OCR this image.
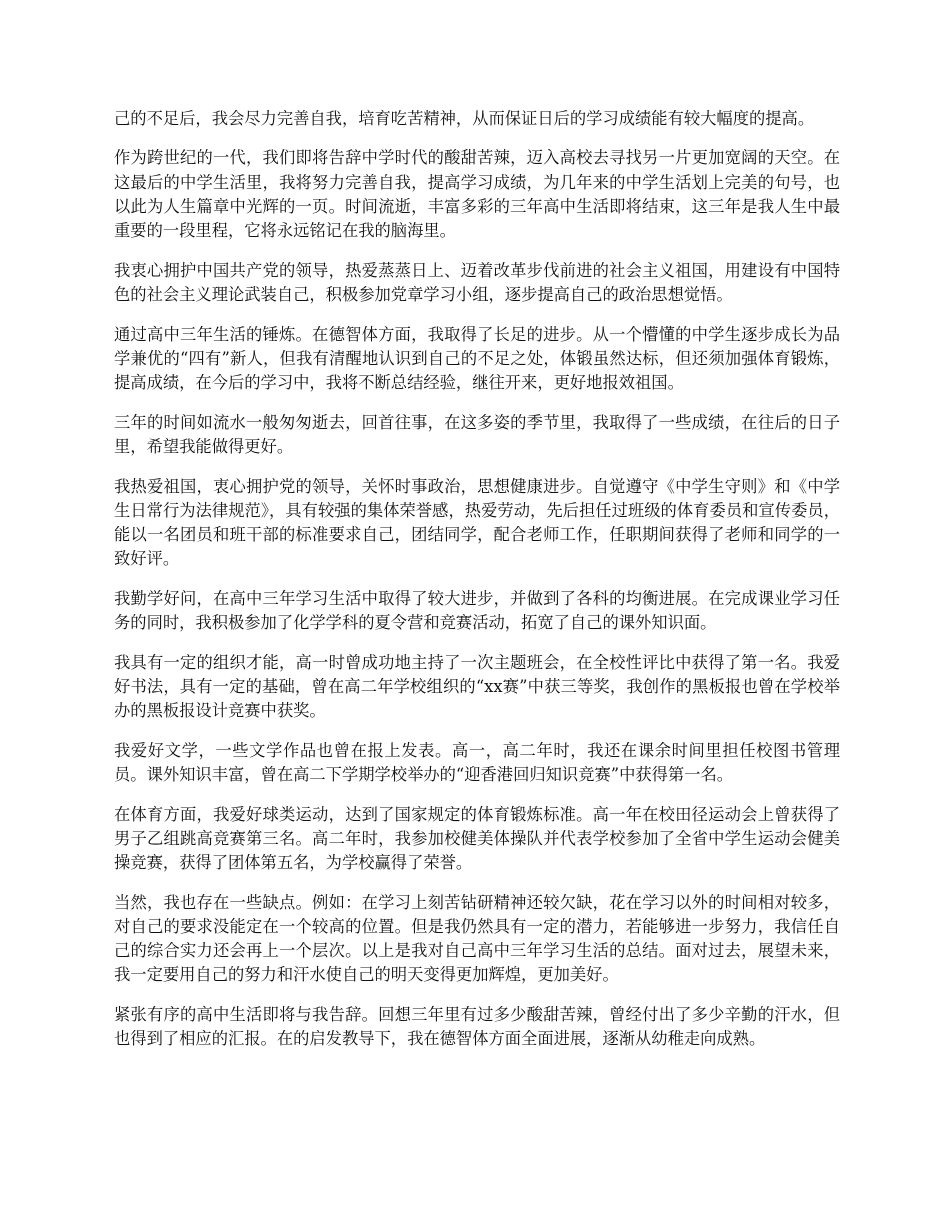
己的不足后，我会尽力完善自我，培育吃苦精神，从而保证日后的学习成绩能有较大幅度的提高。

作为跨世纪的一代，我们即将告辞中学时代的酸甜苦辣，迈入高校去寻找另一片更加宽阔的天空。在这最后的中学生活里，我将努力完善自我，提高学习成绩，为几年来的中学生活划上完美的句号，也以此为人生篇章中光辉的一页。时间流逝，丰富多彩的三年高中生活即将结束，这三年是我人生中最重要的一段里程，它将永远铭记在我的脑海里。

我衷心拥护中国共产党的领导，热爱蒸蒸日上、迈着改革步伐前进的社会主义祖国，用建设有中国特色的社会主义理论武装自己，积极参加党章学习小组，逐步提高自己的政治思想觉悟。

通过高中三年生活的锤炼。在德智体方面，我取得了长足的进步。从一个懵懂的中学生逐步成长为品学兼优的“四有”新人，但我有清醒地认识到自己的不足之处，体锻虽然达标，但还须加强体育锻炼，提高成绩，在今后的学习中，我将不断总结经验，继往开来，更好地报效祖国。

三年的时间如流水一般匆匆逝去，回首往事，在这多姿的季节里，我取得了一些成绩，在往后的日子里，希望我能做得更好。

我热爱祖国，衷心拥护党的领导，关怀时事政治，思想健康进步。自觉遵守《中学生守则》和《中学生日常行为法律规范》，具有较强的集体荣誉感，热爱劳动，先后担任过班级的体育委员和宣传委员，能以一名团员和班干部的标准要求自己，团结同学，配合老师工作，任职期间获得了老师和同学的一致好评。

我勤学好问，在高中三年学习生活中取得了较大进步，并做到了各科的均衡进展。在完成课业学习任务的同时，我积极参加了化学学科的夏令营和竞赛活动，拓宽了自己的课外知识面。

我具有一定的组织才能，高一时曾成功地主持了一次主题班会，在全校性评比中获得了第一名。我爱好书法，具有一定的基础，曾在高二年学校组织的“xx赛”中获三等奖，我创作的黑板报也曾在学校举办的黑板报设计竞赛中获奖。

我爱好文学，一些文学作品也曾在报上发表。高一，高二年时，我还在课余时间里担任校图书管理员。课外知识丰富，曾在高二下学期学校举办的“迎香港回归知识竞赛”中获得第一名。

在体育方面，我爱好球类运动，达到了国家规定的体育锻炼标准。高一年在校田径运动会上曾获得了男子乙组跳高竞赛第三名。高二年时，我参加校健美体操队并代表学校参加了全省中学生运动会健美操竞赛，获得了团体第五名，为学校赢得了荣誉。

当然，我也存在一些缺点。例如：在学习上刻苦钻研精神还较欠缺，花在学习以外的时间相对较多，对自己的要求没能定在一个较高的位置。但是我仍然具有一定的潜力，若能够进一步努力，我信任自己的综合实力还会再上一个层次。以上是我对自己高中三年学习生活的总结。面对过去，展望未来，我一定要用自己的努力和汗水使自己的明天变得更加辉煌，更加美好。

紧张有序的高中生活即将与我告辞。回想三年里有过多少酸甜苦辣，曾经付出了多少辛勤的汗水，但也得到了相应的汇报。在的启发教导下，我在德智体方面全面进展，逐渐从幼稚走向成熟。
